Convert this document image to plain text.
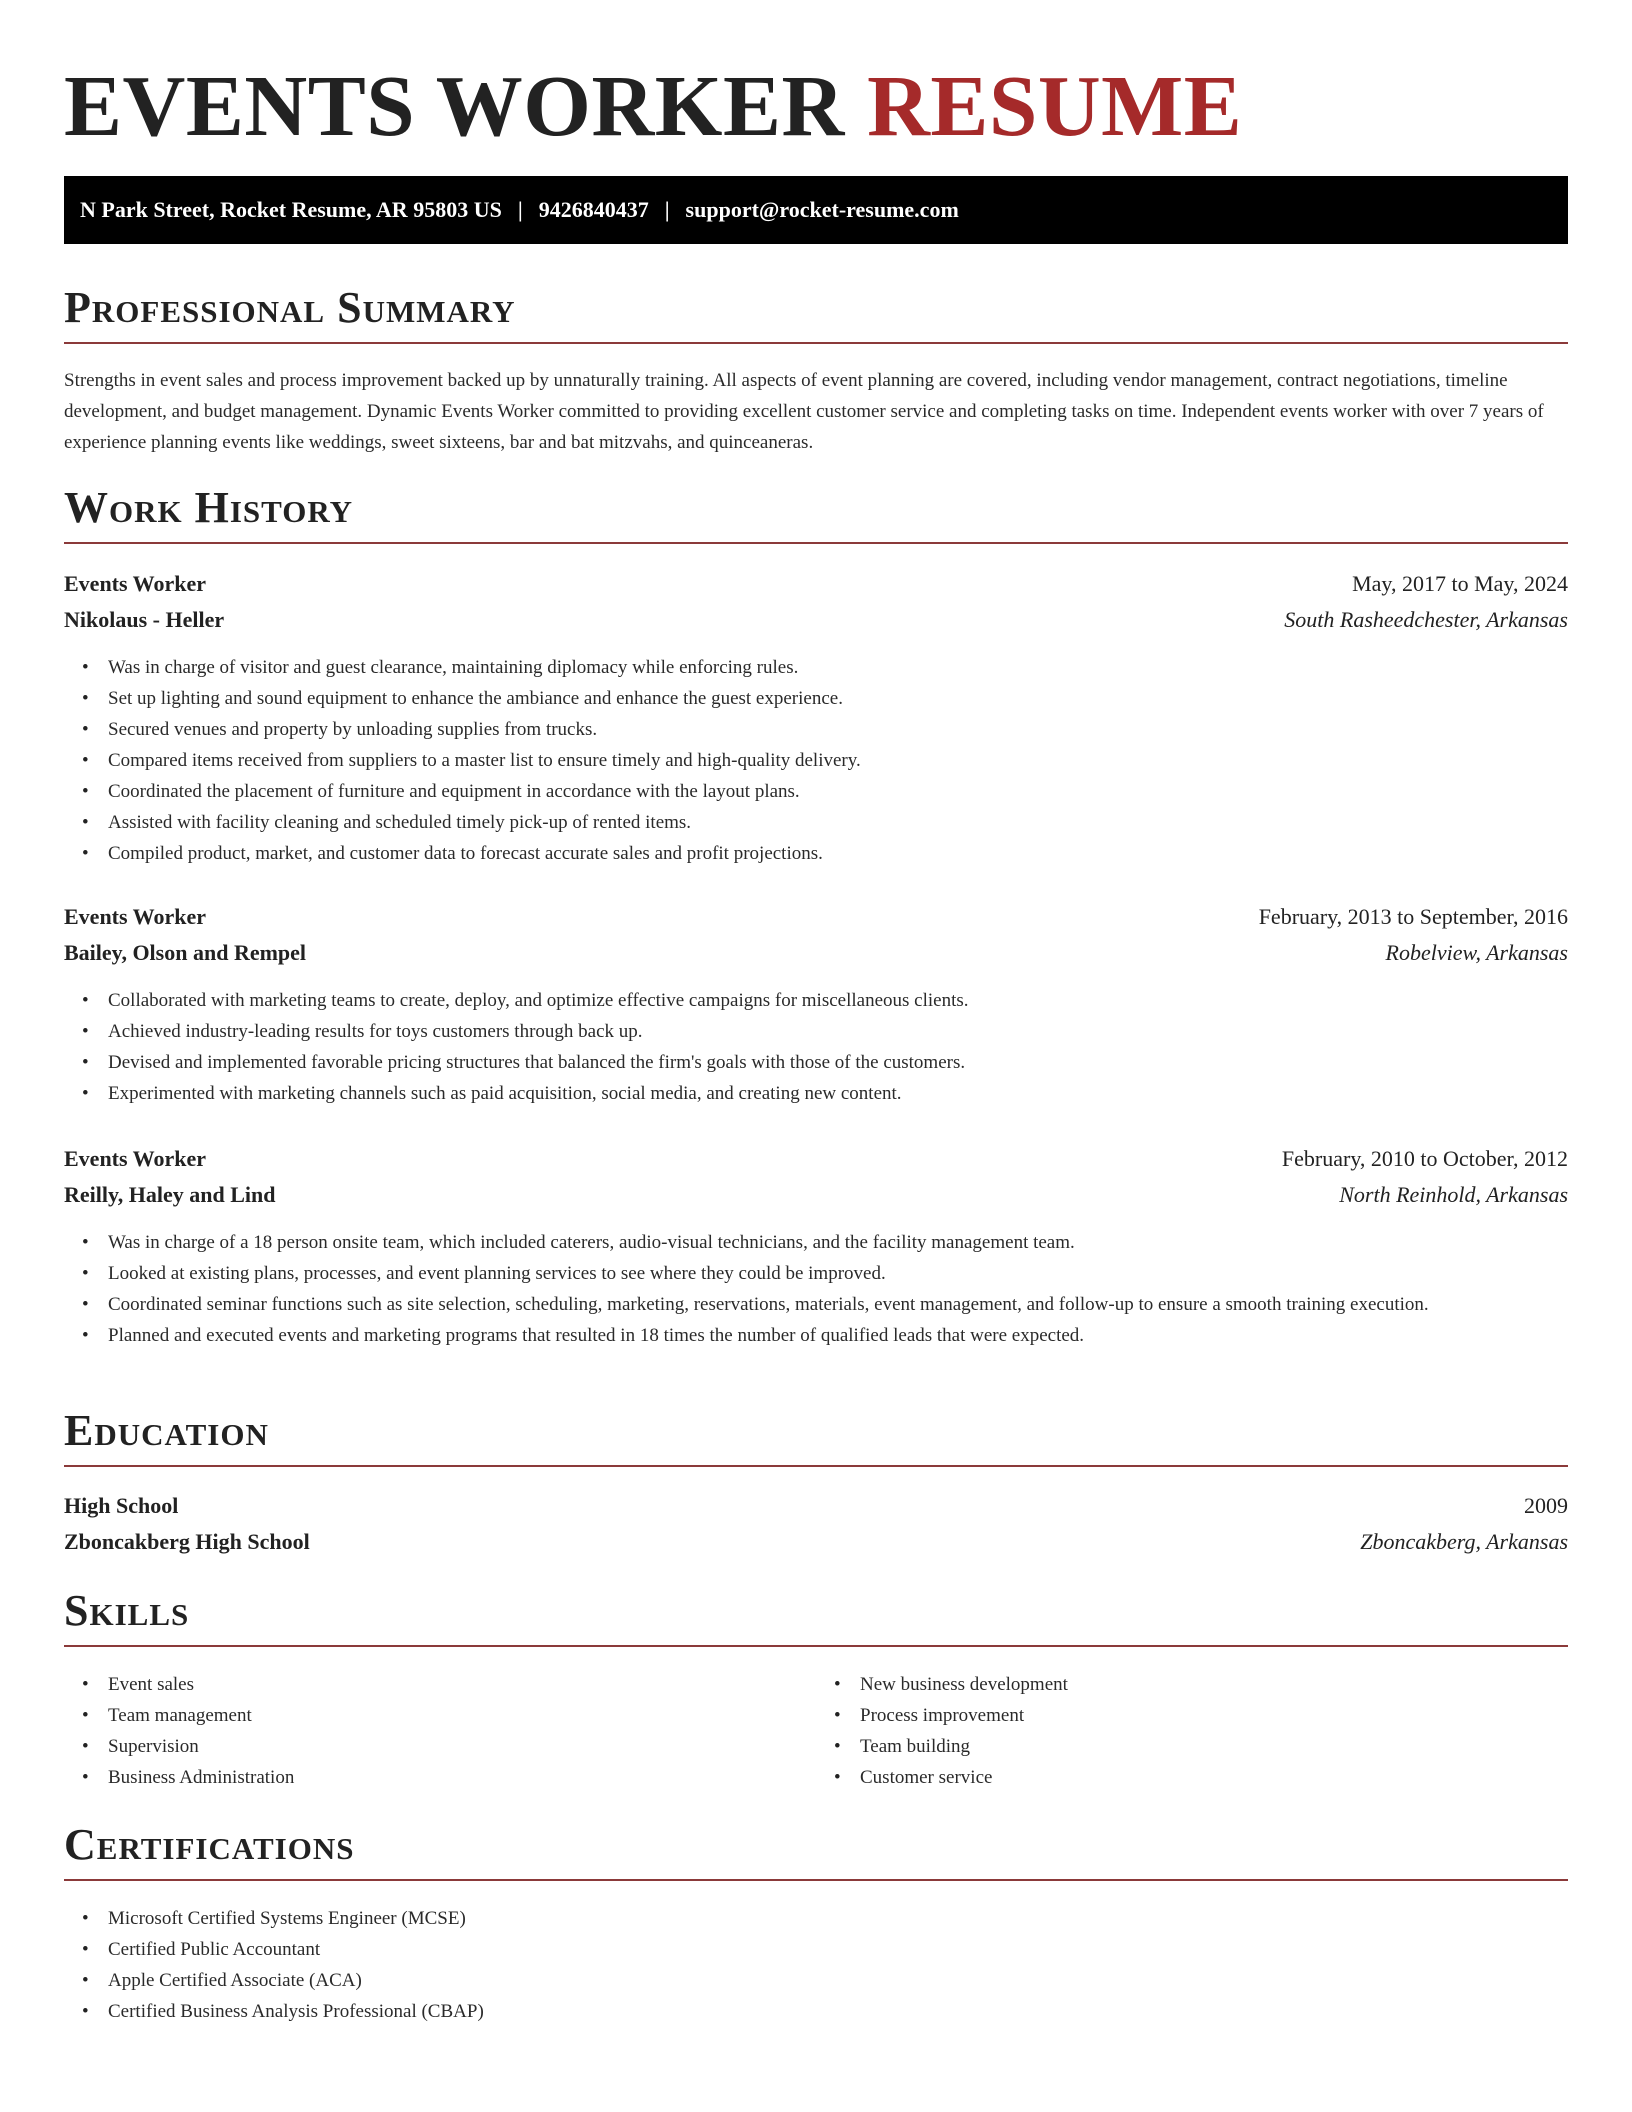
EVENTS WORKER RESUME
N Park Street, Rocket Resume, AR 95803 US | 9426840437 | support@rocket-resume.com
Professional Summary

Strengths in event sales and process improvement backed up by unnaturally training. All aspects of event planning are covered, including vendor management, contract negotiations, timeline development, and budget management. Dynamic Events Worker committed to providing excellent customer service and completing tasks on time. Independent events worker with over 7 years of experience planning events like weddings, sweet sixteens, bar and bat mitzvahs, and quinceaneras.

Work History
Events Worker	May, 2017 to May, 2024
Nikolaus - Heller	South Rasheedchester, Arkansas
• Was in charge of visitor and guest clearance, maintaining diplomacy while enforcing rules.
• Set up lighting and sound equipment to enhance the ambiance and enhance the guest experience.
• Secured venues and property by unloading supplies from trucks.
• Compared items received from suppliers to a master list to ensure timely and high-quality delivery.
• Coordinated the placement of furniture and equipment in accordance with the layout plans.
• Assisted with facility cleaning and scheduled timely pick-up of rented items.
• Compiled product, market, and customer data to forecast accurate sales and profit projections.
Events Worker	February, 2013 to September, 2016
Bailey, Olson and Rempel	Robelview, Arkansas
• Collaborated with marketing teams to create, deploy, and optimize effective campaigns for miscellaneous clients.
• Achieved industry-leading results for toys customers through back up.
• Devised and implemented favorable pricing structures that balanced the firm's goals with those of the customers.
• Experimented with marketing channels such as paid acquisition, social media, and creating new content.
Events Worker	February, 2010 to October, 2012
Reilly, Haley and Lind	North Reinhold, Arkansas
• Was in charge of a 18 person onsite team, which included caterers, audio-visual technicians, and the facility management team.
• Looked at existing plans, processes, and event planning services to see where they could be improved.
• Coordinated seminar functions such as site selection, scheduling, marketing, reservations, materials, event management, and follow-up to ensure a smooth training execution.
• Planned and executed events and marketing programs that resulted in 18 times the number of qualified leads that were expected.
Education
High School	2009
Zboncakberg High School	Zboncakberg, Arkansas
Skills
• Event sales
• Team management
• Supervision
• Business Administration
• New business development
• Process improvement
• Team building
• Customer service
Certifications
• Microsoft Certified Systems Engineer (MCSE)
• Certified Public Accountant
• Apple Certified Associate (ACA)
• Certified Business Analysis Professional (CBAP)
